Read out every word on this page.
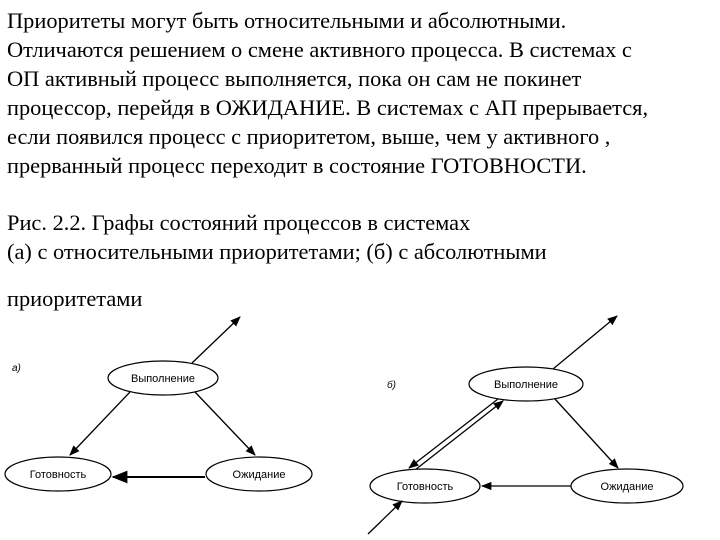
Приоритеты могут быть относительными и абсолютными.
Отличаются решением о смене активного процесса. В системах с
ОП активный процесс выполняется, пока он сам не покинет
процессор, перейдя в ОЖИДАНИЕ. В системах с АП прерывается,
если появился процесс с приоритетом, выше, чем у активного ,
прерванный процесс переходит в состояние ГОТОВНОСТИ.
Рис. 2.2. Графы состояний процессов в системах
(а) с относительными приоритетами; (б) с абсолютными
приоритетами
а)
Выполнение
Готовность	Ожидание
б)	Выполнение
Готовность	Ожидание
